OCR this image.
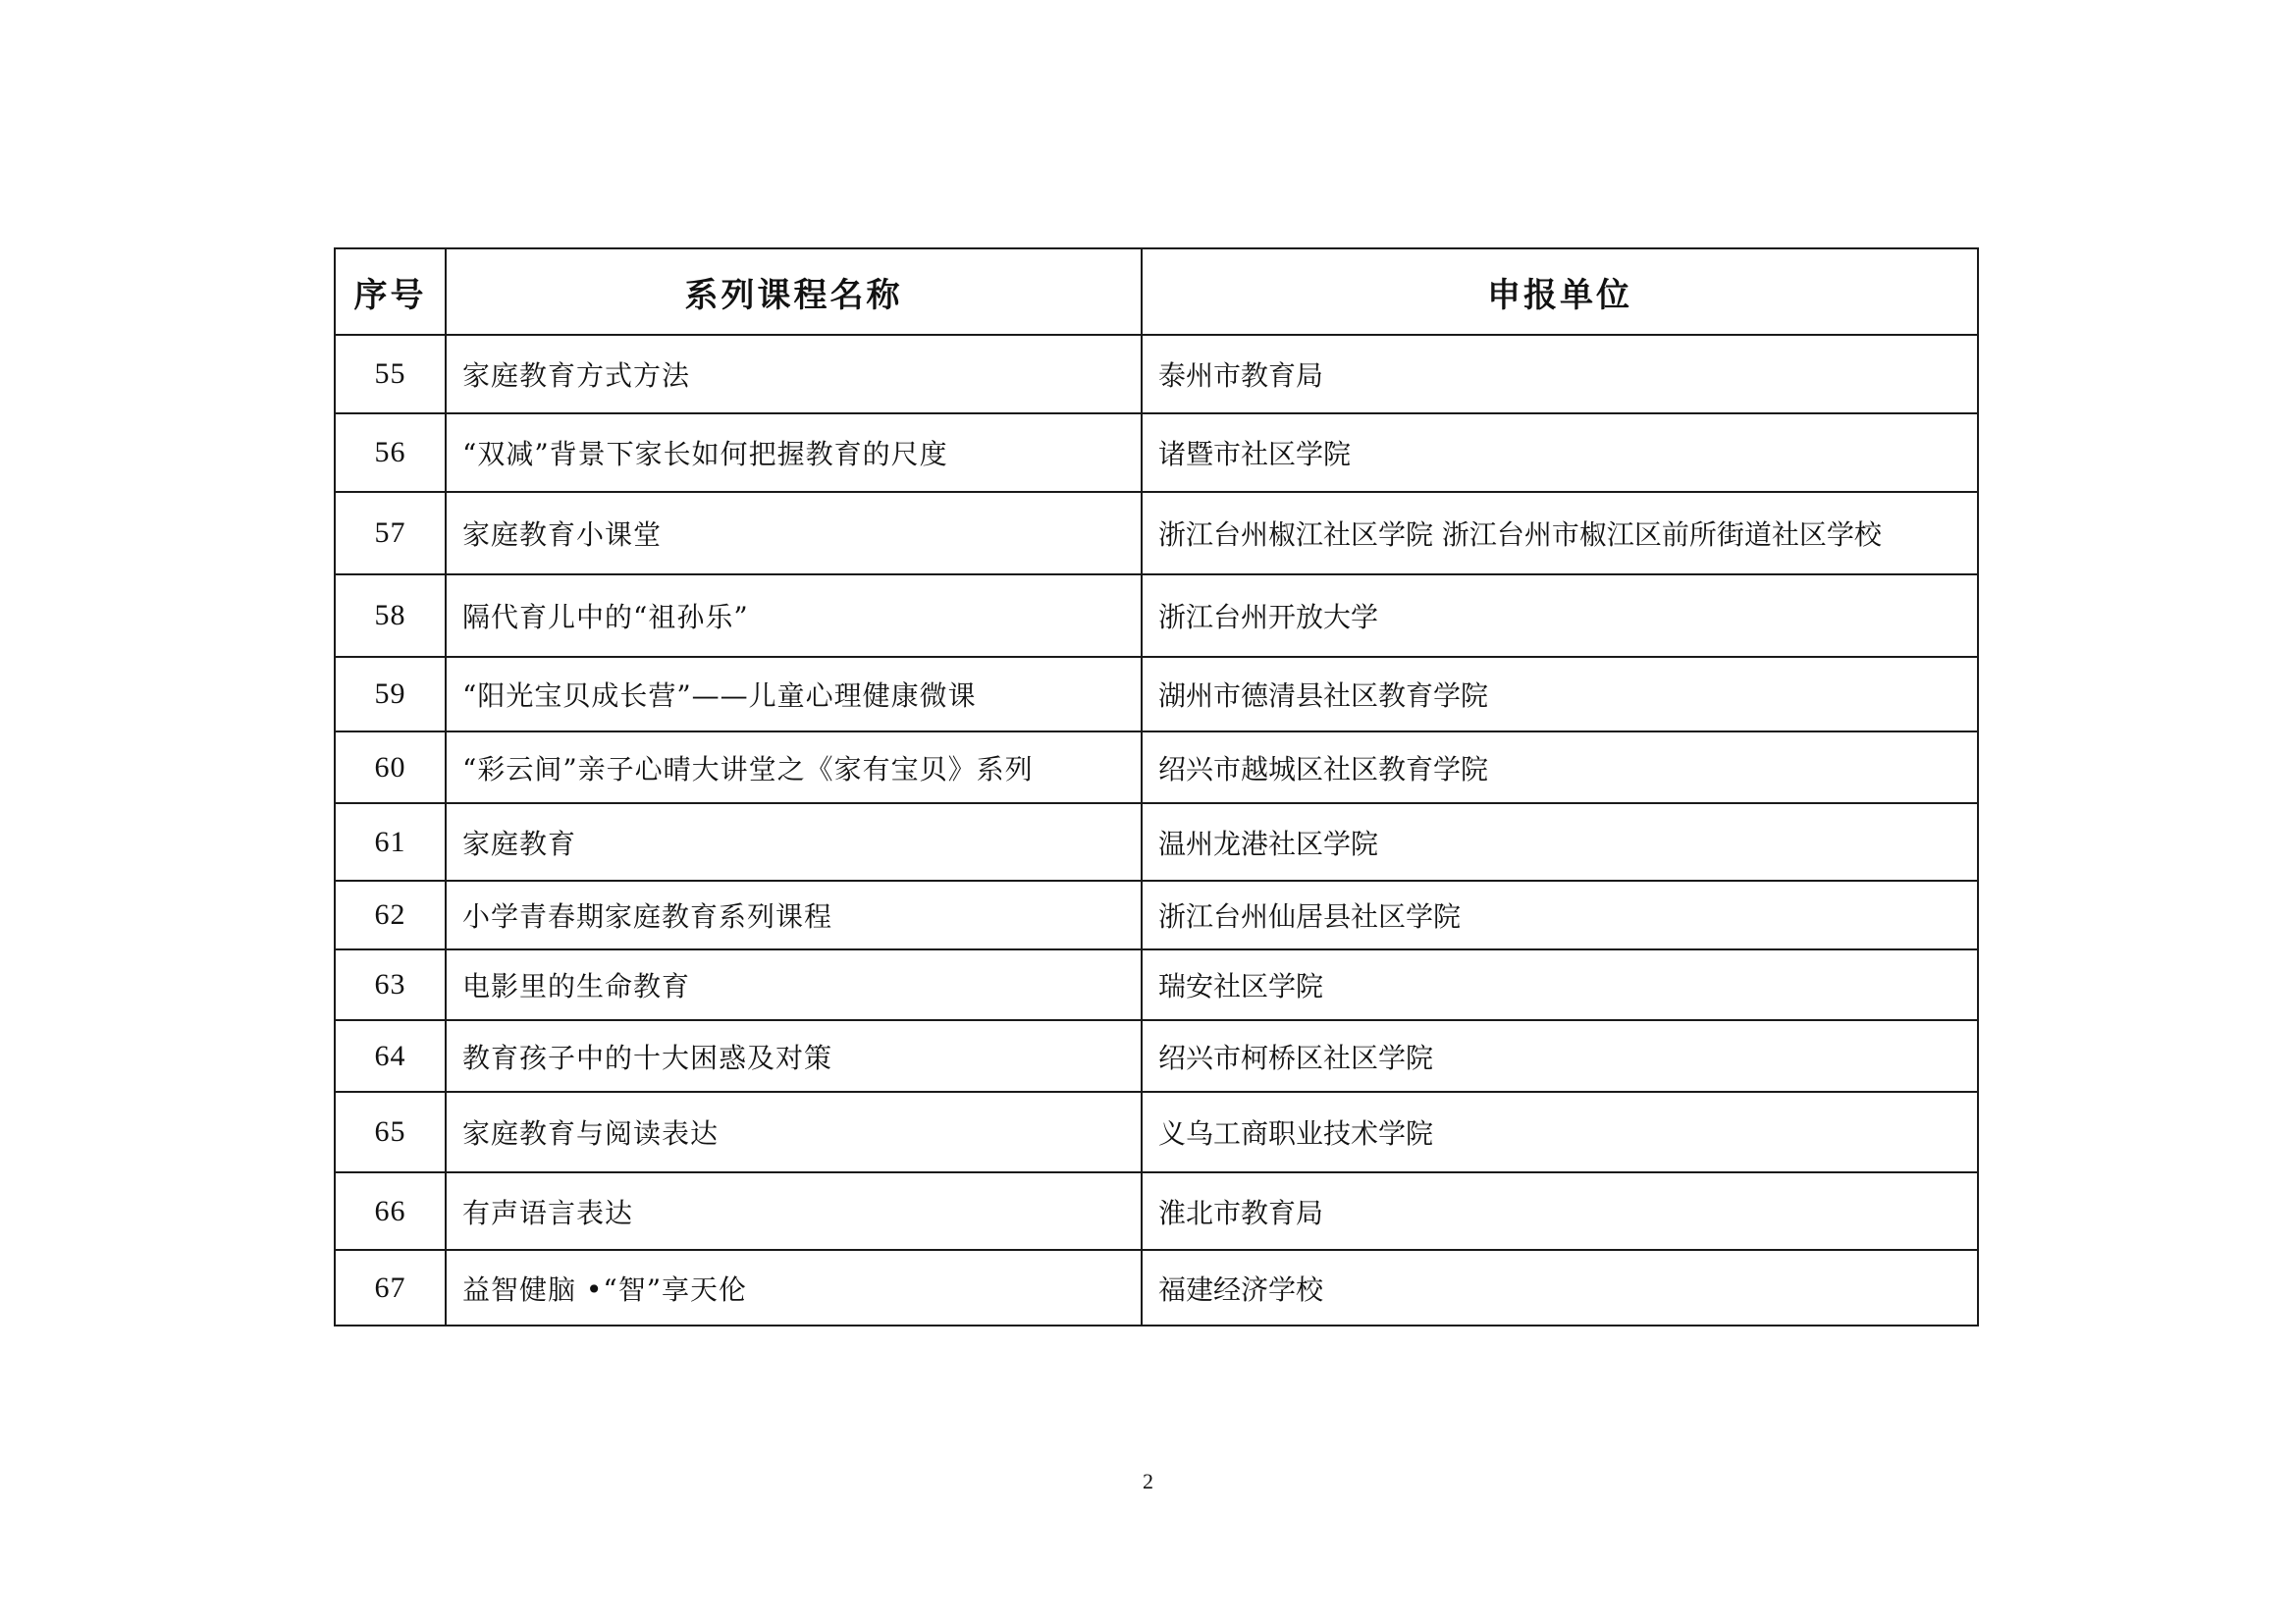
序号	系列课程名称	申报单位
55	家庭教育方式方法	泰州市教育局
56	“双减”背景下家长如何把握教育的尺度	诸暨市社区学院
57	家庭教育小课堂	浙江台州椒江社区学院 浙江台州市椒江区前所街道社区学校
58	隔代育儿中的“祖孙乐”	浙江台州开放大学
59	“阳光宝贝成长营”——儿童心理健康微课	湖州市德清县社区教育学院
60	“彩云间”亲子心晴大讲堂之《家有宝贝》系列	绍兴市越城区社区教育学院
61	家庭教育	温州龙港社区学院
62	小学青春期家庭教育系列课程	浙江台州仙居县社区学院
63	电影里的生命教育	瑞安社区学院
64	教育孩子中的十大困惑及对策	绍兴市柯桥区社区学院
65	家庭教育与阅读表达	义乌工商职业技术学院
66	有声语言表达	淮北市教育局
67	益智健脑 •“智”享天伦	福建经济学校
2
